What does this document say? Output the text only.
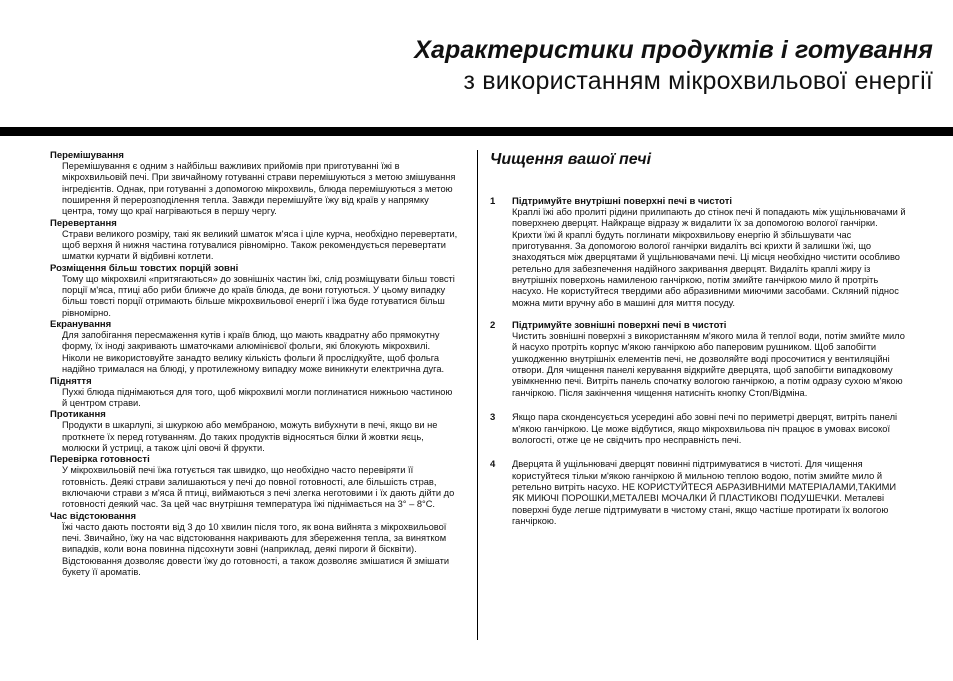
Характеристики продуктів і готування
з використанням мікрохвильової енергії
Перемішування

Перемішування є одним з найбільш важливих прийомів при приготуванні їжі в мікрохвильовій печі. При звичайному готуванні страви перемішуються з метою змішування інгредієнтів. Однак, при готуванні з допомогою мікрохвиль, блюда перемішуються з метою поширення й перерозподілення тепла. Завжди перемішуйте їжу від країв у напрямку центра, тому що краї нагріваються в першу чергу.

Перевертання

Страви великого розміру, такі як великий шматок м'яса і ціле курча, необхідно перевертати, щоб верхня й нижня частина готувалися рівномірно. Також рекомендується перевертати шматки курчати й відбивні котлети.

Розміщення більш товстих порцій зовні

Тому що мікрохвилі «притягаються» до зовнішніх частин їжі, слід розміщувати більш товсті порції м'яса, птиці або риби ближче до країв блюда, де вони готуються. У цьому випадку більш товсті порції отримають більше мікрохвильової енергії і їжа буде готуватися більш рівномірно.

Екранування

Для запобігання пересмаження кутів і країв блюд, що мають квадратну або прямокутну форму, їх іноді закривають шматочками алюмінієвої фольги, які блокують мікрохвилі. Ніколи не використовуйте занадто велику кількість фольги й прослідкуйте, щоб фольга надійно трималася на блюді, у протилежному випадку може виникнути електрична дуга.

Підняття

Пухкі блюда піднімаються для того, щоб мікрохвилі могли поглинатися нижньою частиною й центром страви.

Протикання

Продукти в шкарлупі, зі шкуркою або мембраною, можуть вибухнути в печі, якщо ви не проткнете їх перед готуванням. До таких продуктів відносяться білки й жовтки яєць, молюски й устриці, а також цілі овочі й фрукти.

Перевірка готовності

У мікрохвильовій печі їжа готується так швидко, що необхідно часто перевіряти її готовність. Деякі страви залишаються у печі до повної готовності, але більшість страв, включаючи страви з м'яса й птиці, виймаються з печі злегка неготовими і їх дають дійти до готовності деякий час. За цей час внутрішня температура їжі піднімається на 3° – 8°C.

Час відстоювання

Їжі часто дають постояти від 3 до 10 хвилин після того, як вона вийнята з мікрохвильової печі. Звичайно, їжу на час відстоювання накривають для збереження тепла, за винятком випадків, коли вона повинна підсохнути зовні (наприклад, деякі пироги й бісквіти). Відстоювання дозволяє довести їжу до готовності, а також дозволяє змішатися й змішати букету її ароматів.

Чищення вашої печі
1 Підтримуйте внутрішні поверхні печі в чистоті

Краплі їжі або пролиті рідини прилипають до стінок печі й попадають між ущільнювачами й поверхнею дверцят. Найкраще відразу ж видалити їх за допомогою вологої ганчірки. Крихти їжі й краплі будуть поглинати мікрохвильову енергію й збільшувати час приготування. За допомогою вологої ганчірки видаліть всі крихти й залишки їжі, що знаходяться між дверцятами й ущільнювачами печі. Ці місця необхідно чистити особливо ретельно для забезпечення надійного закривання дверцят. Видаліть краплі жиру із внутрішніх поверхонь намиленою ганчіркою, потім змийте ганчіркою мило й протріть насухо. Не користуйтеся твердими або абразивними миючими засобами. Скляний піднос можна мити вручну або в машині для миття посуду.

2 Підтримуйте зовнішні поверхні печі в чистоті

Чистить зовнішні поверхні з використанням м'якого мила й теплої води, потім змийте мило й насухо протріть корпус м'якою ганчіркою або паперовим рушником. Щоб запобігти ушкодженню внутрішніх елементів печі, не дозволяйте воді просочитися у вентиляційні отвори. Для чищення панелі керування відкрийте дверцята, щоб запобігти випадковому увімкненню печі. Витріть панель спочатку вологою ганчіркою, а потім одразу сухою м'якою ганчіркою. Після закінчення чищення натисніть кнопку Стоп/Відміна.

3 Якщо пара сконденсується усередині або зовні печі по периметрі дверцят, витріть панелі м'якою ганчіркою. Це може відбутися, якщо мікрохвильова піч працює в умовах високої вологості, отже це не свідчить про несправність печі.

4 Дверцята й ущільнювачі дверцят повинні підтримуватися в чистоті. Для чищення користуйтеся тільки м'якою ганчіркою й мильною теплою водою, потім змийте мило й ретельно витріть насухо. НЕ КОРИСТУЙТЕСЯ АБРАЗИВНИМИ МАТЕРІАЛАМИ,ТАКИМИ ЯК МИЮЧІ ПОРОШКИ,МЕТАЛЕВІ МОЧАЛКИ Й ПЛАСТИКОВІ ПОДУШЕЧКИ. Металеві поверхні буде легше підтримувати в чистому стані, якщо частіше протирати їх вологою ганчіркою.
